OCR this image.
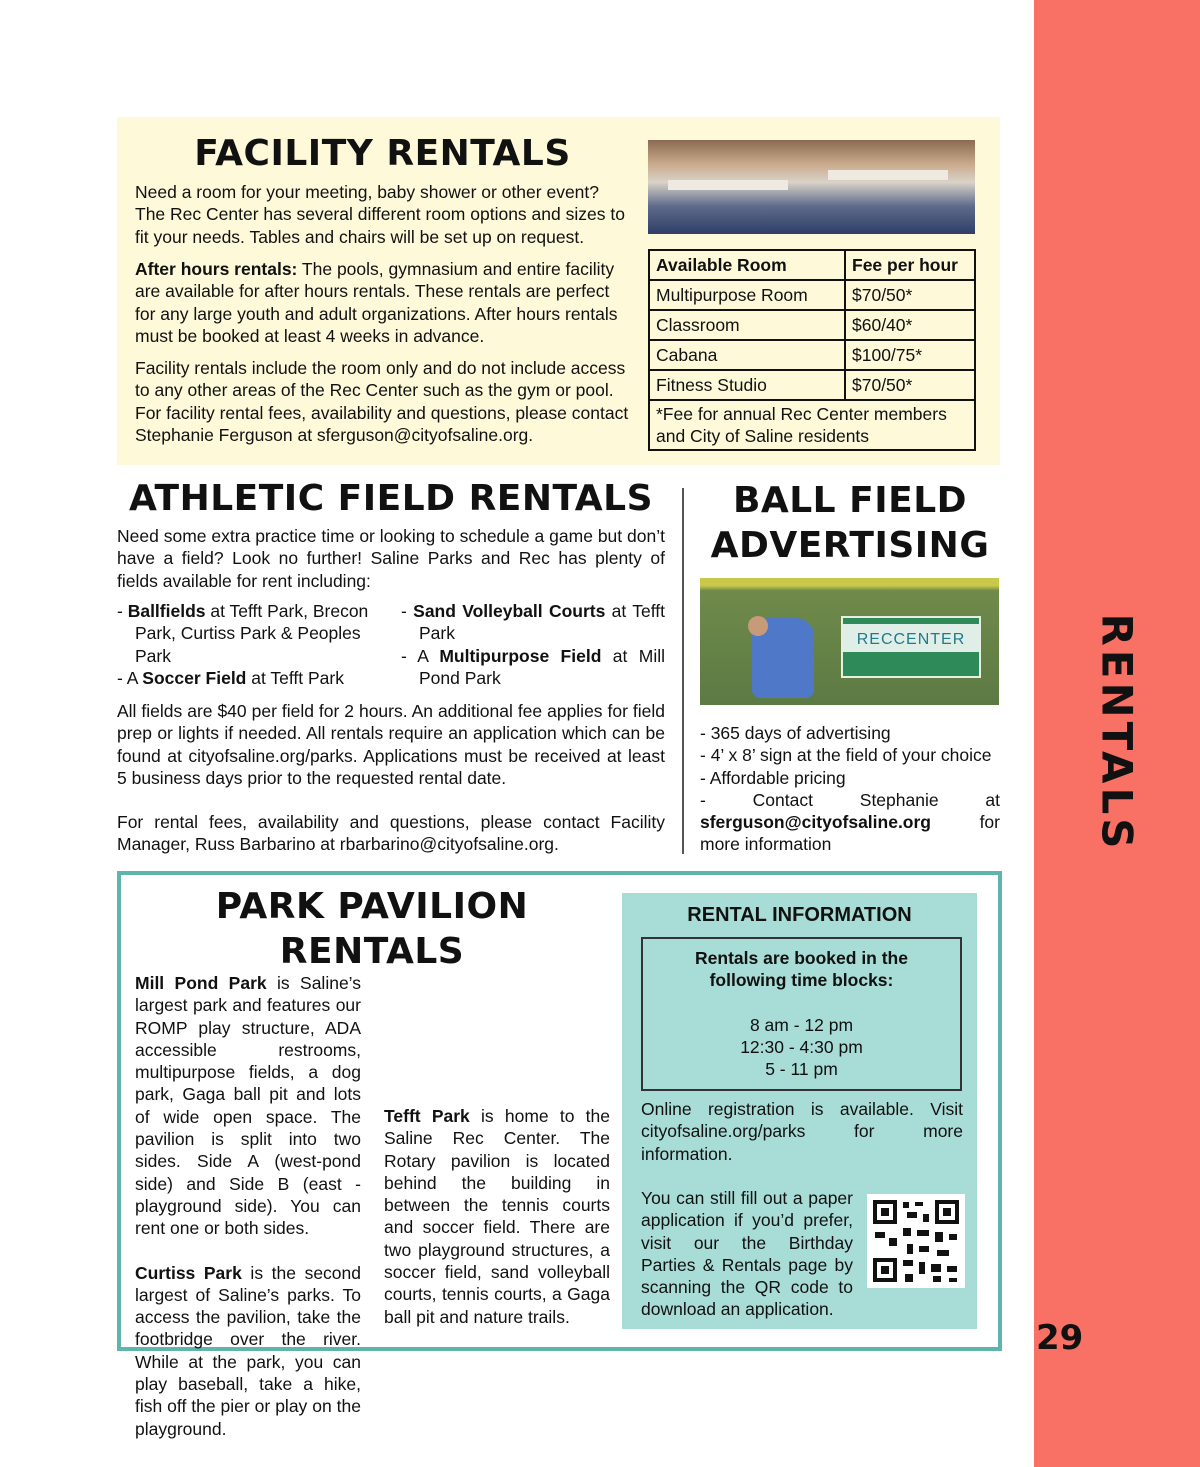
RENTALS
29
FACILITY RENTALS

Need a room for your meeting, baby shower or other event? The Rec Center has several different room options and sizes to fit your needs. Tables and chairs will be set up on request.

After hours rentals: The pools, gymnasium and entire facility are available for after hours rentals. These rentals are perfect for any large youth and adult organizations. After hours rentals must be booked at least 4 weeks in advance.

Facility rentals include the room only and do not include access to any other areas of the Rec Center such as the gym or pool. For facility rental fees, availability and questions, please contact Stephanie Ferguson at sferguson@cityofsaline.org.

Available Room	Fee per hour
Multipurpose Room	$70/50*
Classroom	$60/40*
Cabana	$100/75*
Fitness Studio	$70/50*
*Fee for annual Rec Center members and City of Saline residents	
ATHLETIC FIELD RENTALS

Need some extra practice time or looking to schedule a game but don’t have a field? Look no further! Saline Parks and Rec has plenty of fields available for rent including:

- Ballfields at Tefft Park, Brecon Park, Curtiss Park & Peoples Park
- A Soccer Field at Tefft Park
- Sand Volleyball Courts at Tefft Park
- A Multipurpose Field at Mill Pond Park

All fields are $40 per field for 2 hours. An additional fee applies for field prep or lights if needed. All rentals require an application which can be found at cityofsaline.org/parks. Applications must be received at least 5 business days prior to the requested rental date.

For rental fees, availability and questions, please contact Facility Manager, Russ Barbarino at rbarbarino@cityofsaline.org.

BALL FIELD
ADVERTISING
RECCENTER
- 365 days of advertising
- 4’ x 8’ sign at the field of your choice
- Affordable pricing
- Contact Stephanie at sferguson@cityofsaline.org for more information
PARK PAVILION
RENTALS

Mill Pond Park is Saline’s largest park and features our ROMP play structure, ADA accessible restrooms, multipurpose fields, a dog park, Gaga ball pit and lots of wide open space. The pavilion is split into two sides. Side A (west-pond side) and Side B (east - playground side). You can rent one or both sides.

Curtiss Park is the second largest of Saline’s parks. To access the pavilion, take the footbridge over the river. While at the park, you can play baseball, take a hike, fish off the pier or play on the playground.

Tefft Park is home to the Saline Rec Center. The Rotary pavilion is located behind the building in between the tennis courts and soccer field. There are two playground structures, a soccer field, sand volleyball courts, tennis courts, a Gaga ball pit and nature trails.

RENTAL INFORMATION
Rentals are booked in the following time blocks:
8 am - 12 pm
12:30 - 4:30 pm
5 - 11 pm

Online registration is available. Visit cityofsaline.org/parks for more information.

You can still fill out a paper application if you’d prefer, visit our the Birthday Parties & Rentals page by scanning the QR code to download an application.
